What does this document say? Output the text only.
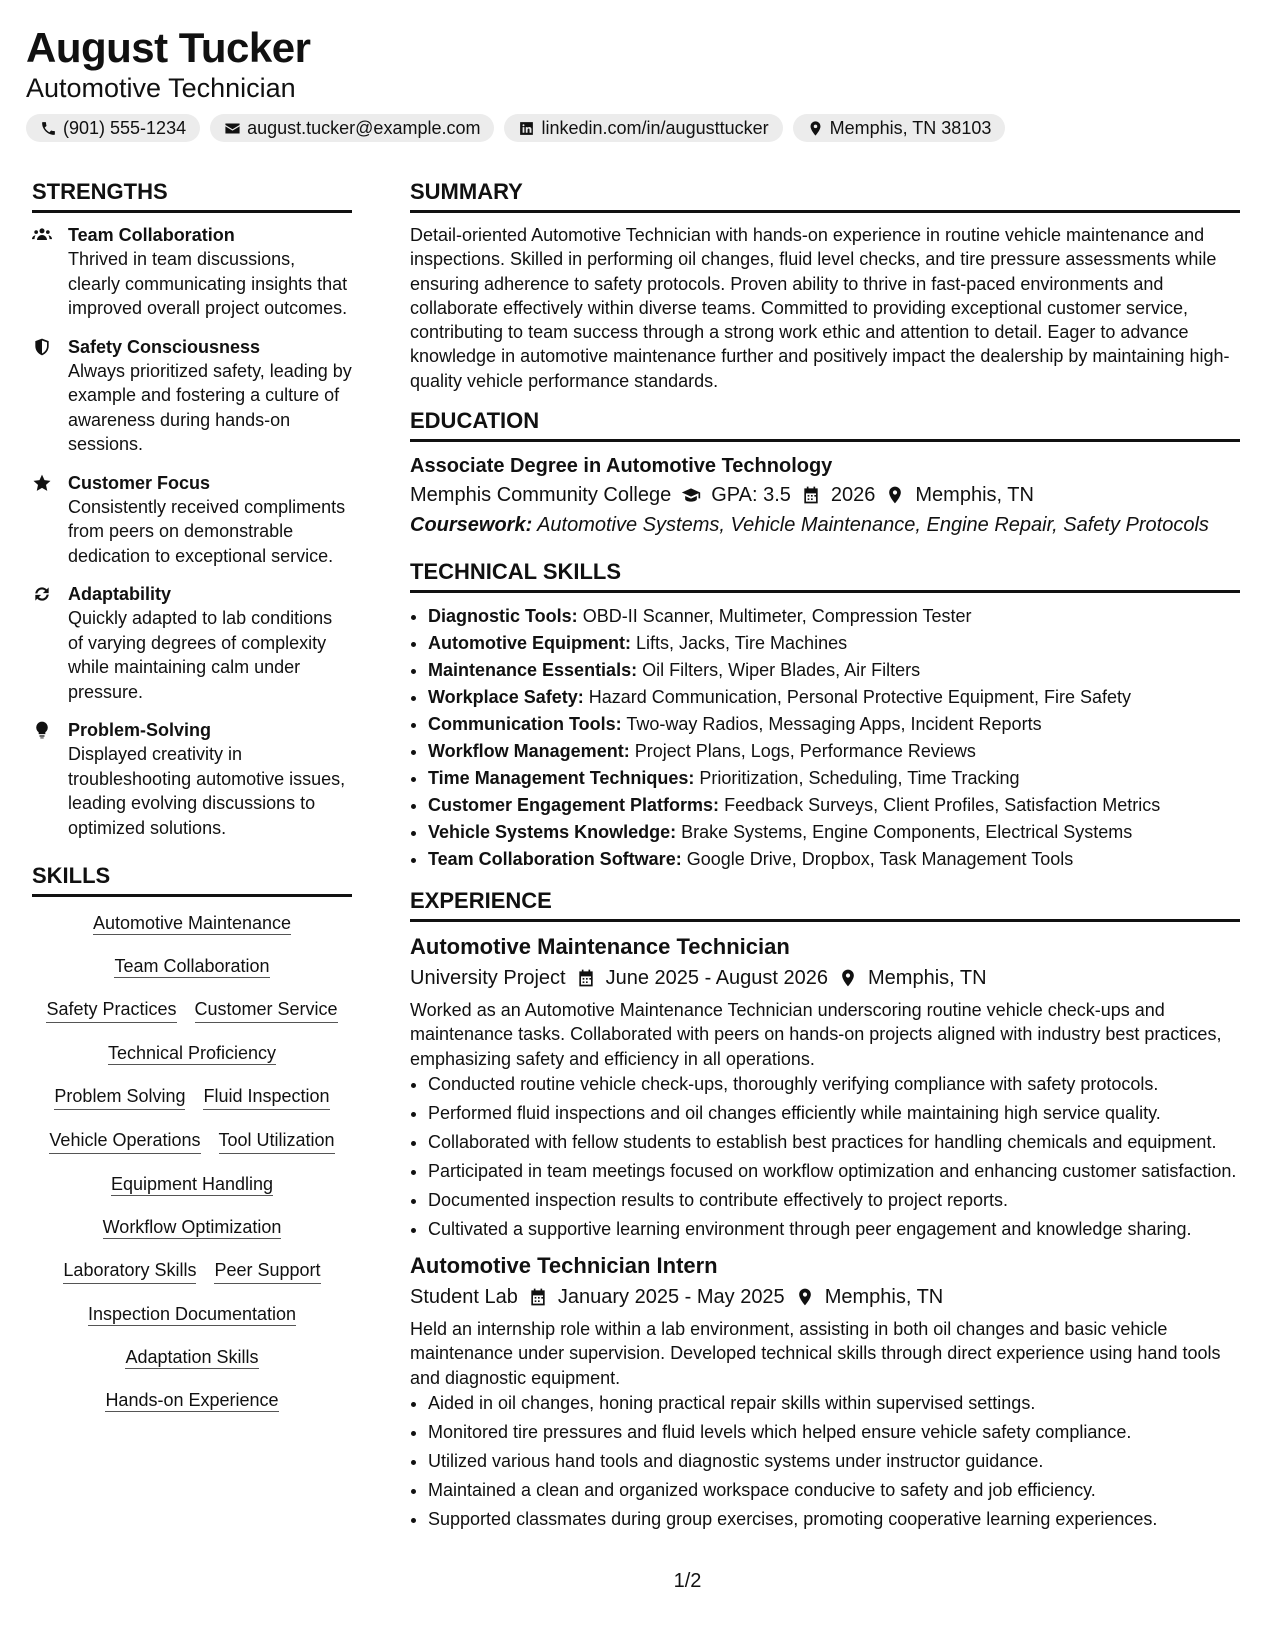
August Tucker
Automotive Technician
(901) 555-1234	august.tucker@example.com	linkedin.com/in/augusttucker	Memphis, TN 38103
STRENGTHS
Team Collaboration
Thrived in team discussions, clearly communicating insights that improved overall project outcomes.
Safety Consciousness
Always prioritized safety, leading by example and fostering a culture of awareness during hands-on sessions.
Customer Focus
Consistently received compliments from peers on demonstrable dedication to exceptional service.
Adaptability
Quickly adapted to lab conditions of varying degrees of complexity while maintaining calm under pressure.
Problem-Solving
Displayed creativity in troubleshooting automotive issues, leading evolving discussions to optimized solutions.
SKILLS
Automotive Maintenance
Team Collaboration
Safety Practices Customer Service
Technical Proficiency
Problem Solving Fluid Inspection
Vehicle Operations Tool Utilization
Equipment Handling
Workflow Optimization
Laboratory Skills Peer Support
Inspection Documentation
Adaptation Skills
Hands-on Experience
SUMMARY
Detail-oriented Automotive Technician with hands-on experience in routine vehicle maintenance and inspections. Skilled in performing oil changes, fluid level checks, and tire pressure assessments while ensuring adherence to safety protocols. Proven ability to thrive in fast-paced environments and collaborate effectively within diverse teams. Committed to providing exceptional customer service, contributing to team success through a strong work ethic and attention to detail. Eager to advance knowledge in automotive maintenance further and positively impact the dealership by maintaining high-quality vehicle performance standards.
EDUCATION
Associate Degree in Automotive Technology
Memphis Community College GPA: 3.5 2026 Memphis, TN
Coursework: Automotive Systems, Vehicle Maintenance, Engine Repair, Safety Protocols
TECHNICAL SKILLS
• Diagnostic Tools: OBD-II Scanner, Multimeter, Compression Tester
• Automotive Equipment: Lifts, Jacks, Tire Machines
• Maintenance Essentials: Oil Filters, Wiper Blades, Air Filters
• Workplace Safety: Hazard Communication, Personal Protective Equipment, Fire Safety
• Communication Tools: Two-way Radios, Messaging Apps, Incident Reports
• Workflow Management: Project Plans, Logs, Performance Reviews
• Time Management Techniques: Prioritization, Scheduling, Time Tracking
• Customer Engagement Platforms: Feedback Surveys, Client Profiles, Satisfaction Metrics
• Vehicle Systems Knowledge: Brake Systems, Engine Components, Electrical Systems
• Team Collaboration Software: Google Drive, Dropbox, Task Management Tools
EXPERIENCE
Automotive Maintenance Technician
University Project June 2025 - August 2026 Memphis, TN
Worked as an Automotive Maintenance Technician underscoring routine vehicle check-ups and maintenance tasks. Collaborated with peers on hands-on projects aligned with industry best practices, emphasizing safety and efficiency in all operations.
• Conducted routine vehicle check-ups, thoroughly verifying compliance with safety protocols.
• Performed fluid inspections and oil changes efficiently while maintaining high service quality.
• Collaborated with fellow students to establish best practices for handling chemicals and equipment.
• Participated in team meetings focused on workflow optimization and enhancing customer satisfaction.
• Documented inspection results to contribute effectively to project reports.
• Cultivated a supportive learning environment through peer engagement and knowledge sharing.
Automotive Technician Intern
Student Lab January 2025 - May 2025 Memphis, TN
Held an internship role within a lab environment, assisting in both oil changes and basic vehicle maintenance under supervision. Developed technical skills through direct experience using hand tools and diagnostic equipment.
• Aided in oil changes, honing practical repair skills within supervised settings.
• Monitored tire pressures and fluid levels which helped ensure vehicle safety compliance.
• Utilized various hand tools and diagnostic systems under instructor guidance.
• Maintained a clean and organized workspace conducive to safety and job efficiency.
• Supported classmates during group exercises, promoting cooperative learning experiences.
1/2
